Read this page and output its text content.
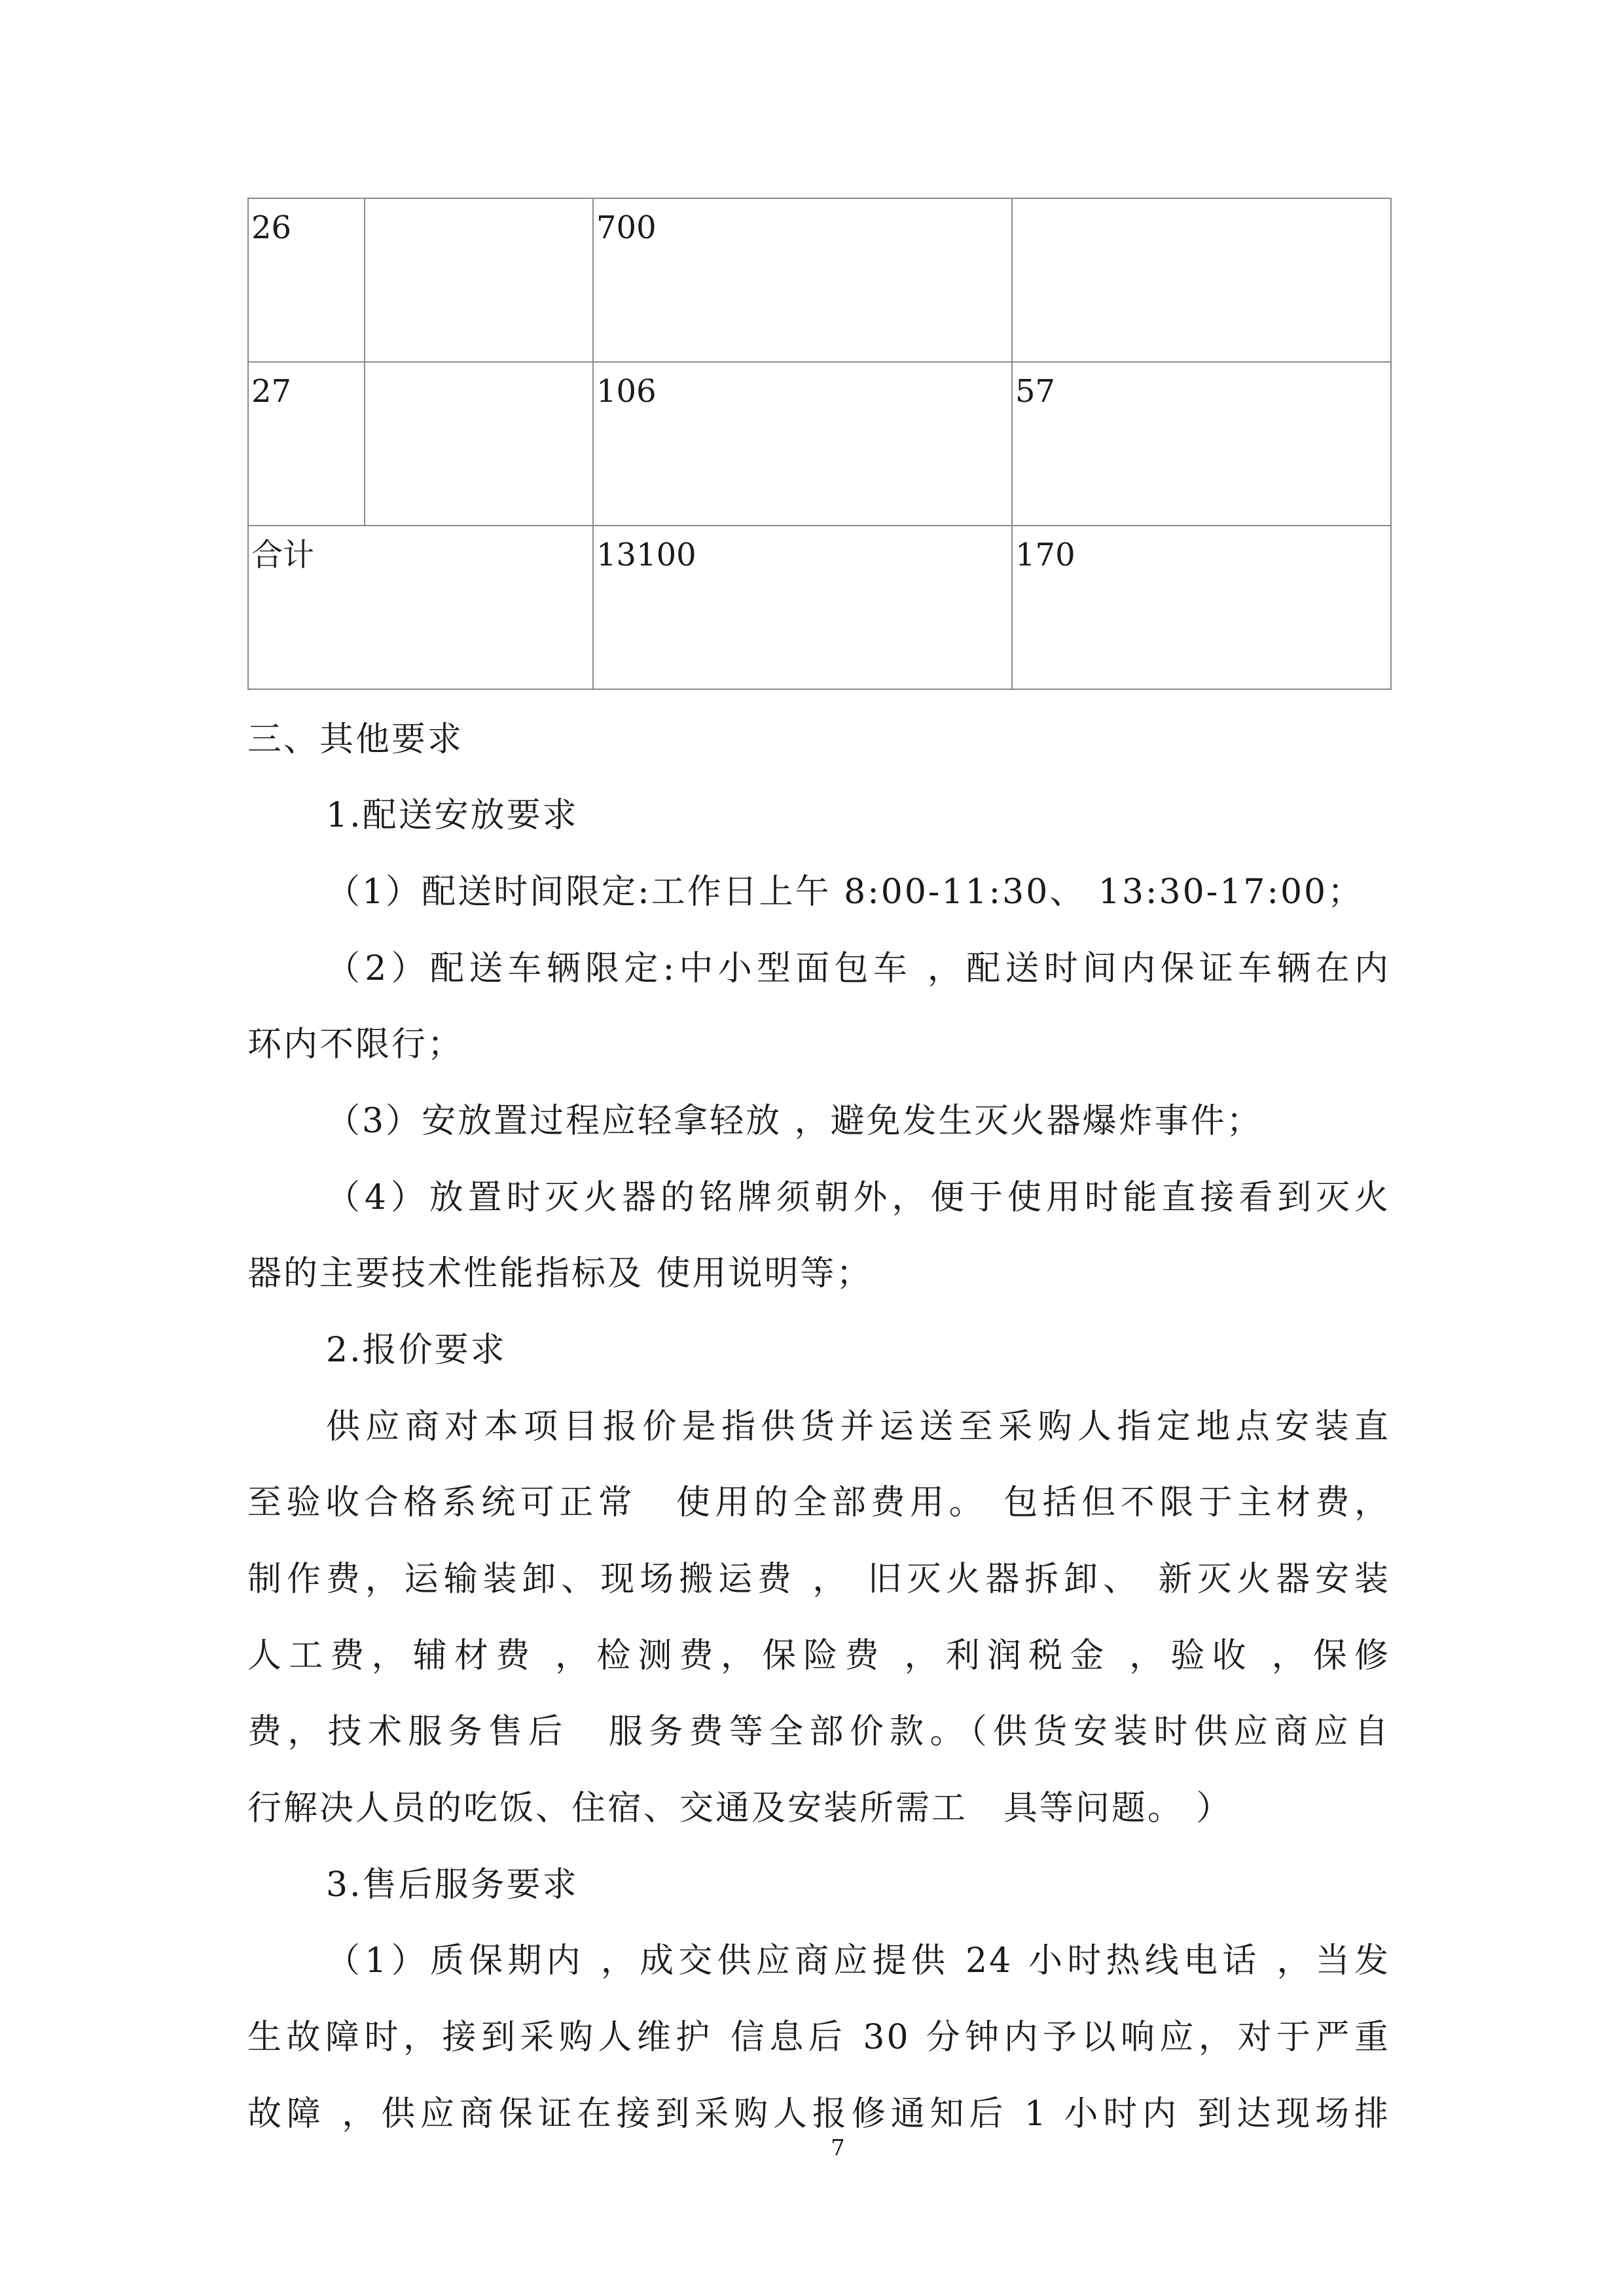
26		700	
27		106	57
合计		13100	170
三、其他要求
1.配送安放要求
（1）配送时间限定:工作日上午 8:00-11:30、 13:30-17:00；
（2）配送车辆限定:中小型面包车 ，配送时间内保证车辆在内
环内不限行；
（3）安放置过程应轻拿轻放 ，避免发生灭火器爆炸事件；
（4）放置时灭火器的铭牌须朝外，便于使用时能直接看到灭火
器的主要技术性能指标及 使用说明等；
2.报价要求
供应商对本项目报价是指供货并运送至采购人指定地点安装直
至验收合格系统可正常　使用的全部费用。 包括但不限于主材费，
制作费，运输装卸、现场搬运费 ， 旧灭火器拆卸、 新灭火器安装
人工费，辅材费 ，检测费，保险费 ，利润税金 ，验收 ，保修
费，技术服务售后　服务费等全部价款。（供货安装时供应商应自
行解决人员的吃饭、住宿、交通及安装所需工　具等问题。 ）
3.售后服务要求
（1）质保期内 ，成交供应商应提供 24 小时热线电话 ，当发
生故障时，接到采购人维护 信息后 30 分钟内予以响应，对于严重
故障 ，供应商保证在接到采购人报修通知后 1 小时内 到达现场排
7
